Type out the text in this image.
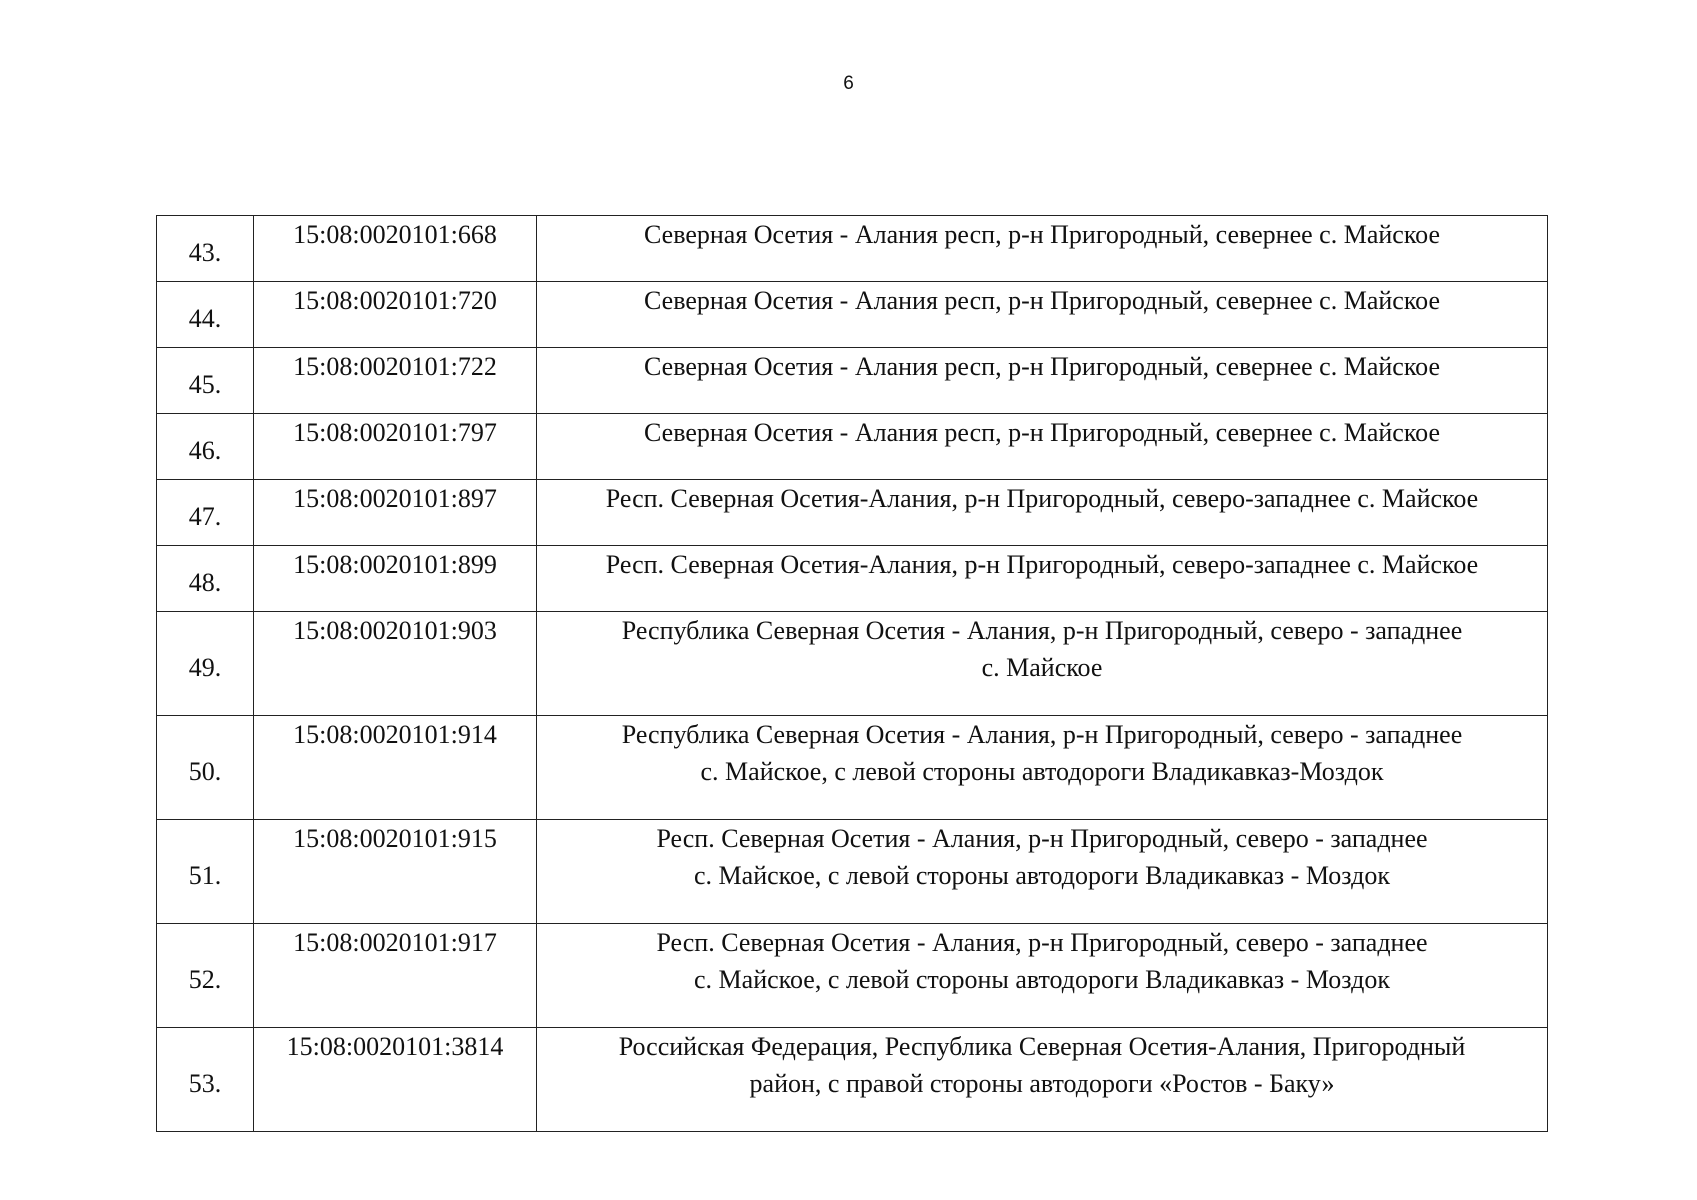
6
43.	15:08:0020101:668	Северная Осетия - Алания респ, р-н Пригородный, севернее с. Майское

44.	15:08:0020101:720	Северная Осетия - Алания респ, р-н Пригородный, севернее с. Майское

45.	15:08:0020101:722	Северная Осетия - Алания респ, р-н Пригородный, севернее с. Майское

46.	15:08:0020101:797	Северная Осетия - Алания респ, р-н Пригородный, севернее с. Майское

47.	15:08:0020101:897	Респ. Северная Осетия-Алания, р-н Пригородный, северо-западнее с. Майское

48.	15:08:0020101:899	Респ. Северная Осетия-Алания, р-н Пригородный, северо-западнее с. Майское

49.	15:08:0020101:903	Республика Северная Осетия - Алания, р-н Пригородный, северо - западнее
с. Майское

50.	15:08:0020101:914	Республика Северная Осетия - Алания, р-н Пригородный, северо - западнее
с. Майское, с левой стороны автодороги Владикавказ-Моздок

51.	15:08:0020101:915	Респ. Северная Осетия - Алания, р-н Пригородный, северо - западнее
с. Майское, с левой стороны автодороги Владикавказ - Моздок

52.	15:08:0020101:917	Респ. Северная Осетия - Алания, р-н Пригородный, северо - западнее
с. Майское, с левой стороны автодороги Владикавказ - Моздок

53.	15:08:0020101:3814	Российская Федерация, Республика Северная Осетия-Алания, Пригородный
район, с правой стороны автодороги «Ростов - Баку»
